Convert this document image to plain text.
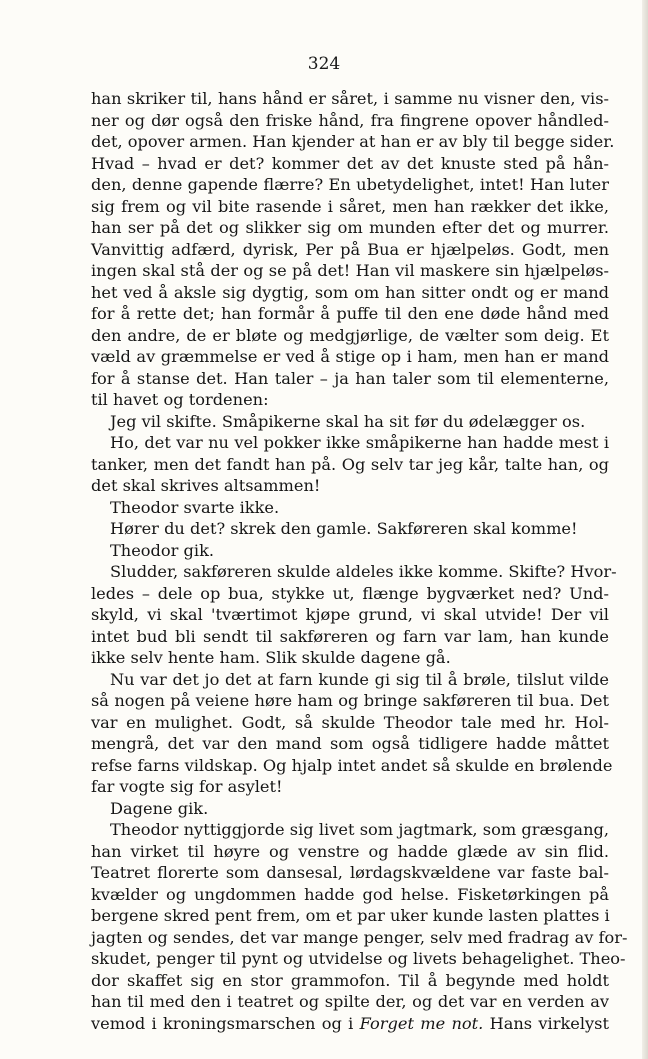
324
han skriker til, hans hånd er såret, i samme nu visner den, vis-
ner og dør også den friske hånd, fra fingrene opover håndled-
det, opover armen. Han kjender at han er av bly til begge sider.
Hvad – hvad er det? kommer det av det knuste sted på hån-
den, denne gapende flærre? En ubetydelighet, intet! Han luter
sig frem og vil bite rasende i såret, men han rækker det ikke,
han ser på det og slikker sig om munden efter det og murrer.
Vanvittig adfærd, dyrisk, Per på Bua er hjælpeløs. Godt, men
ingen skal stå der og se på det! Han vil maskere sin hjælpeløs-
het ved å aksle sig dygtig, som om han sitter ondt og er mand
for å rette det; han formår å puffe til den ene døde hånd med
den andre, de er bløte og medgjørlige, de vælter som deig. Et
væld av græmmelse er ved å stige op i ham, men han er mand
for å stanse det. Han taler – ja han taler som til elementerne,
til havet og tordenen:
Jeg vil skifte. Småpikerne skal ha sit før du ødelægger os.
Ho, det var nu vel pokker ikke småpikerne han hadde mest i
tanker, men det fandt han på. Og selv tar jeg kår, talte han, og
det skal skrives altsammen!
Theodor svarte ikke.
Hører du det? skrek den gamle. Sakføreren skal komme!
Theodor gik.
Sludder, sakføreren skulde aldeles ikke komme. Skifte? Hvor-
ledes – dele op bua, stykke ut, flænge bygværket ned? Und-
skyld, vi skal 'tværtimot kjøpe grund, vi skal utvide! Der vil
intet bud bli sendt til sakføreren og farn var lam, han kunde
ikke selv hente ham. Slik skulde dagene gå.
Nu var det jo det at farn kunde gi sig til å brøle, tilslut vilde
så nogen på veiene høre ham og bringe sakføreren til bua. Det
var en mulighet. Godt, så skulde Theodor tale med hr. Hol-
mengrå, det var den mand som også tidligere hadde måttet
refse farns vildskap. Og hjalp intet andet så skulde en brølende
far vogte sig for asylet!
Dagene gik.
Theodor nyttiggjorde sig livet som jagtmark, som græsgang,
han virket til høyre og venstre og hadde glæde av sin flid.
Teatret florerte som dansesal, lørdagskvældene var faste bal-
kvælder og ungdommen hadde god helse. Fisketørkingen på
bergene skred pent frem, om et par uker kunde lasten plattes i
jagten og sendes, det var mange penger, selv med fradrag av for-
skudet, penger til pynt og utvidelse og livets behagelighet. Theo-
dor skaffet sig en stor grammofon. Til å begynde med holdt
han til med den i teatret og spilte der, og det var en verden av
vemod i kroningsmarschen og i Forget me not. Hans virkelyst
